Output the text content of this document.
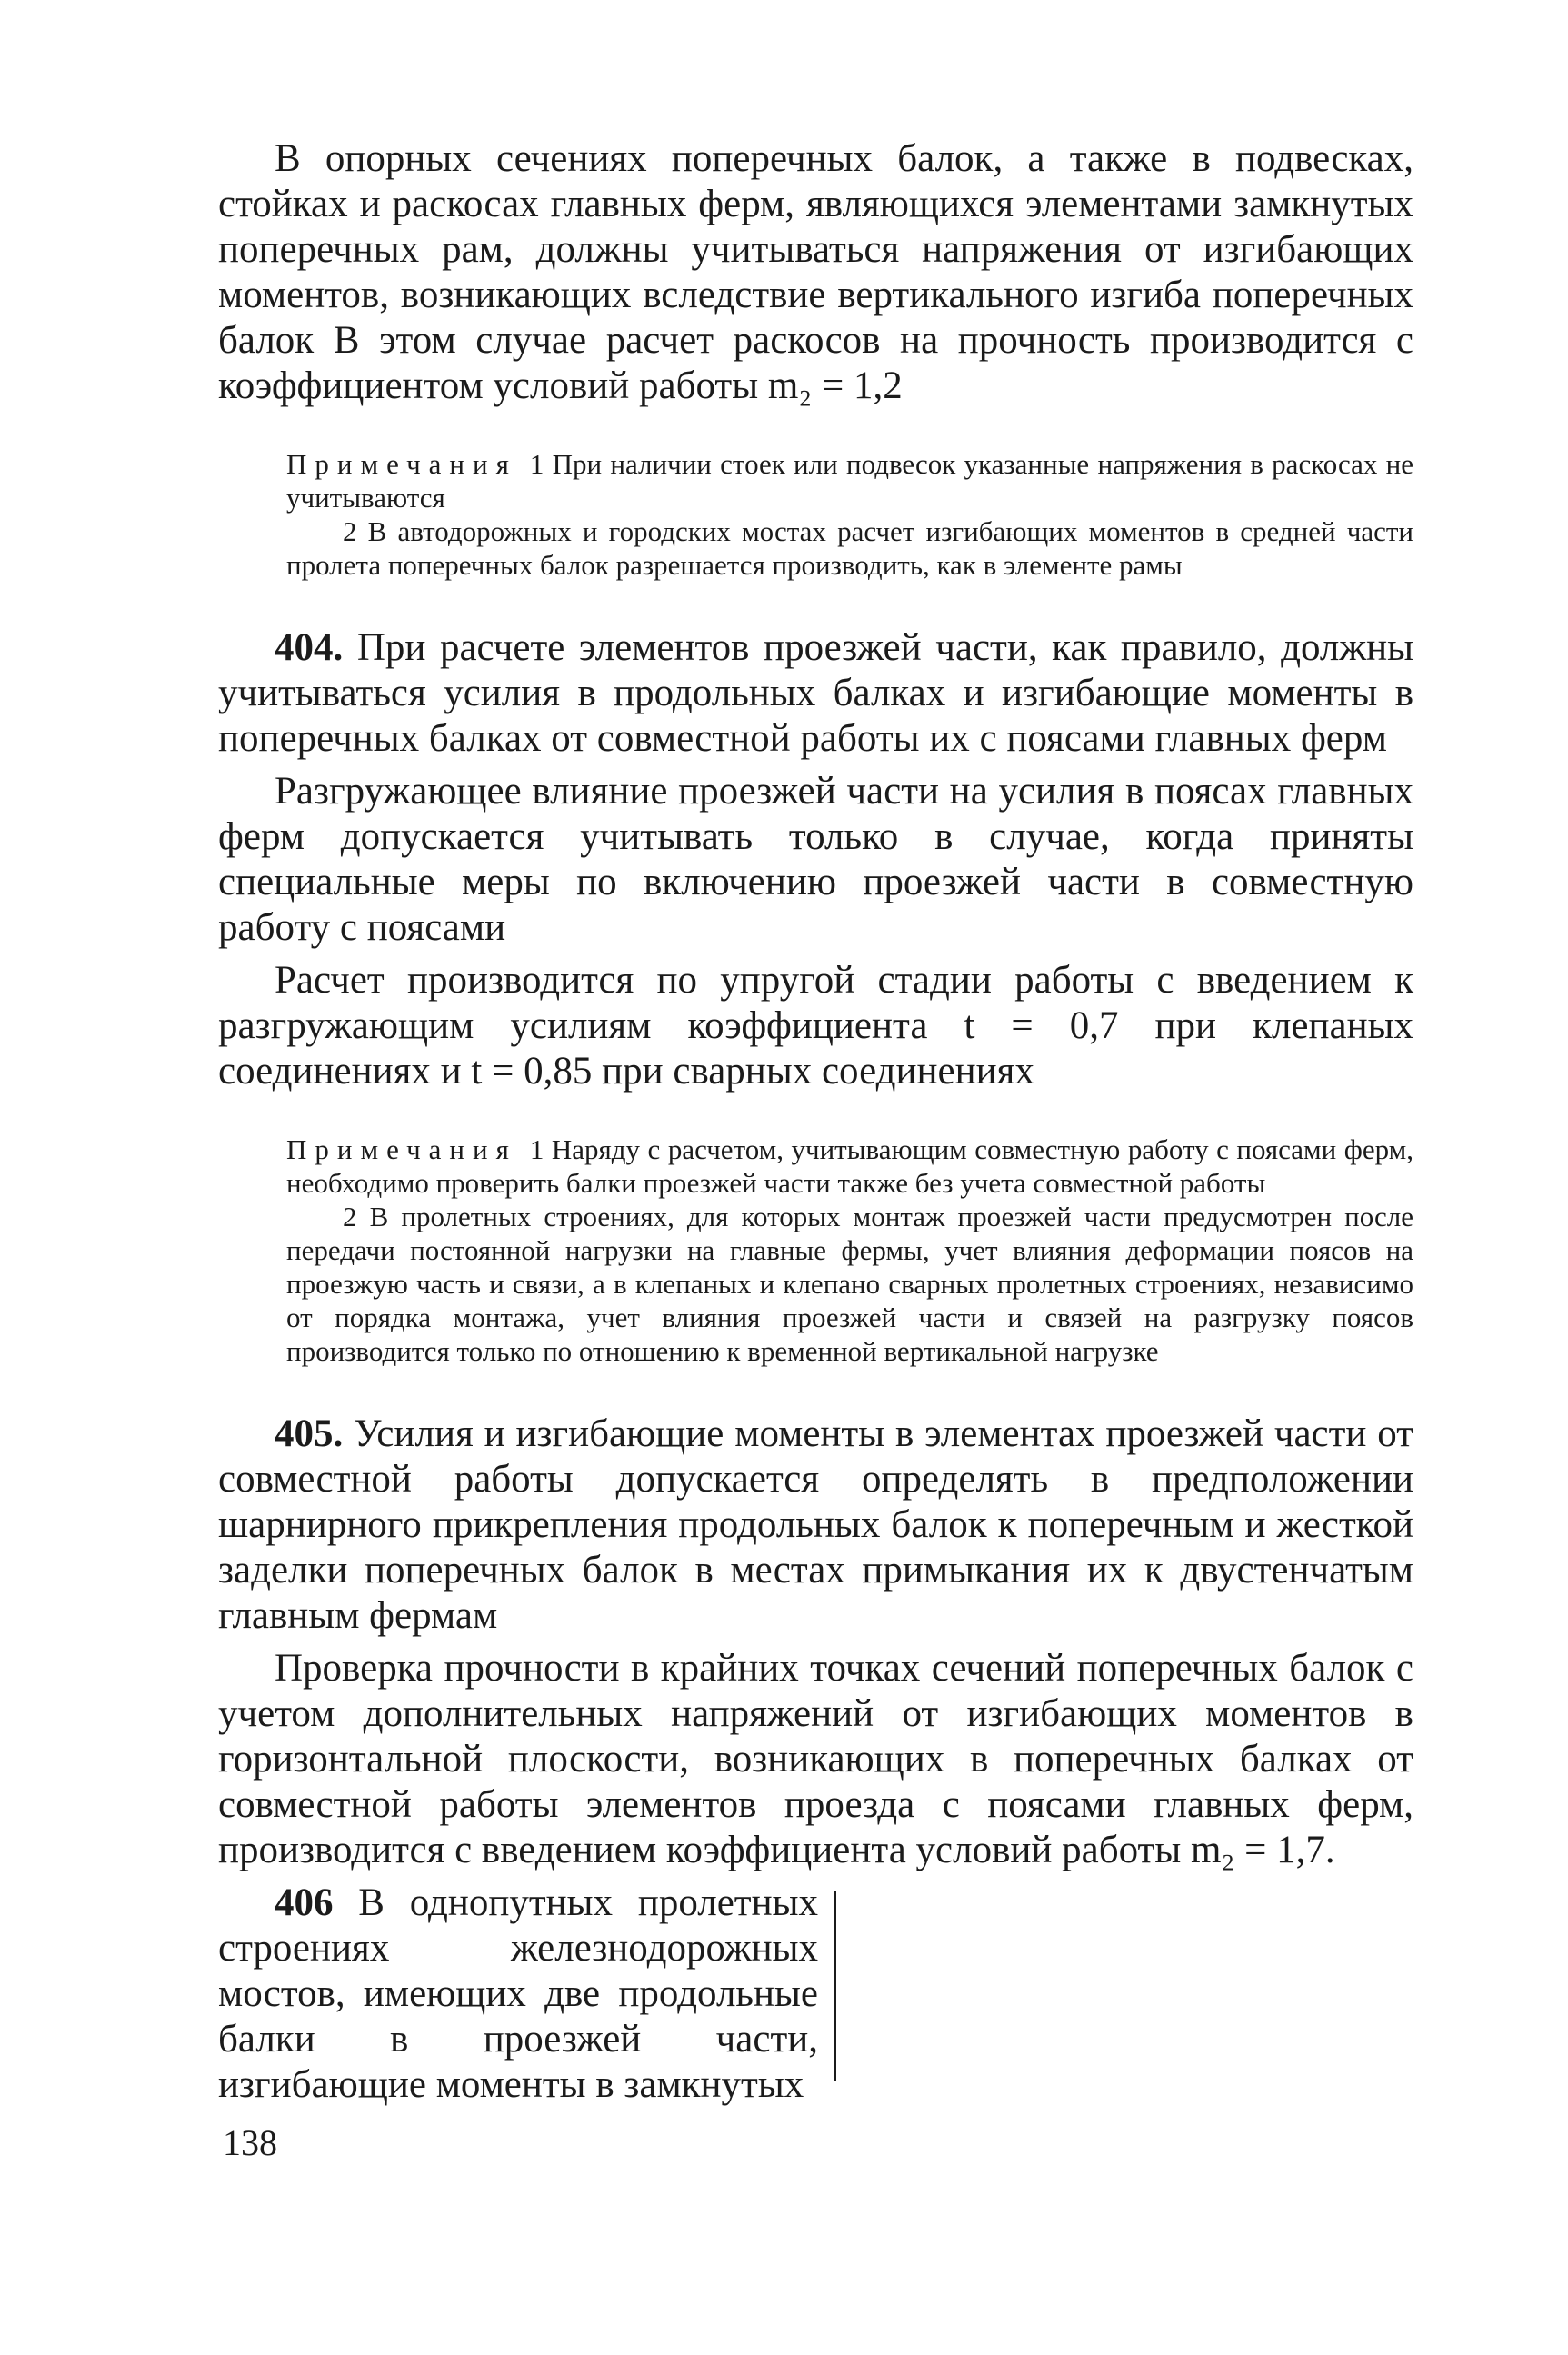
В опорных сечениях поперечных балок, а также в подвесках, стойках и раскосах главных ферм, являющихся элементами замкнутых поперечных рам, должны учитываться напряжения от изгибающих моментов, возникающих вследствие вертикального изгиба поперечных балок В этом случае расчет раскосов на прочность производится с коэффициентом условий работы m₂ = 1,2

Примечания 1 При наличии стоек или подвесок указанные напряжения в раскосах не учитываются

2 В автодорожных и городских мостах расчет изгибающих моментов в средней части пролета поперечных балок разрешается производить, как в элементе рамы

404. При расчете элементов проезжей части, как правило, должны учитываться усилия в продольных балках и изгибающие моменты в поперечных балках от совместной работы их с поясами главных ферм

Разгружающее влияние проезжей части на усилия в поясах главных ферм допускается учитывать только в случае, когда приняты специальные меры по включению проезжей части в совместную работу с поясами

Расчет производится по упругой стадии работы с введением к разгружающим усилиям коэффициента t = 0,7 при клепаных соединениях и t = 0,85 при сварных соединениях

Примечания 1 Наряду с расчетом, учитывающим совместную работу с поясами ферм, необходимо проверить балки проезжей части также без учета совместной работы

2 В пролетных строениях, для которых монтаж проезжей части предусмотрен после передачи постоянной нагрузки на главные фермы, учет влияния деформации поясов на проезжую часть и связи, а в клепаных и клепано сварных пролетных строениях, независимо от порядка монтажа, учет влияния проезжей части и связей на разгрузку поясов производится только по отношению к временной вертикальной нагрузке

405. Усилия и изгибающие моменты в элементах проезжей части от совместной работы допускается определять в предположении шарнирного прикрепления продольных балок к поперечным и жесткой заделки поперечных балок в местах примыкания их к двустенчатым главным фермам

Проверка прочности в крайних точках сечений поперечных балок с учетом дополнительных напряжений от изгибающих моментов в горизонтальной плоскости, возникающих в поперечных балках от совместной работы элементов проезда с поясами главных ферм, производится с введением коэффициента условий работы m₂ = 1,7.

406 В однопутных пролетных строениях железнодорожных мостов, имеющих две продольные балки в проезжей части, изгибающие моменты в замкнутых

138
